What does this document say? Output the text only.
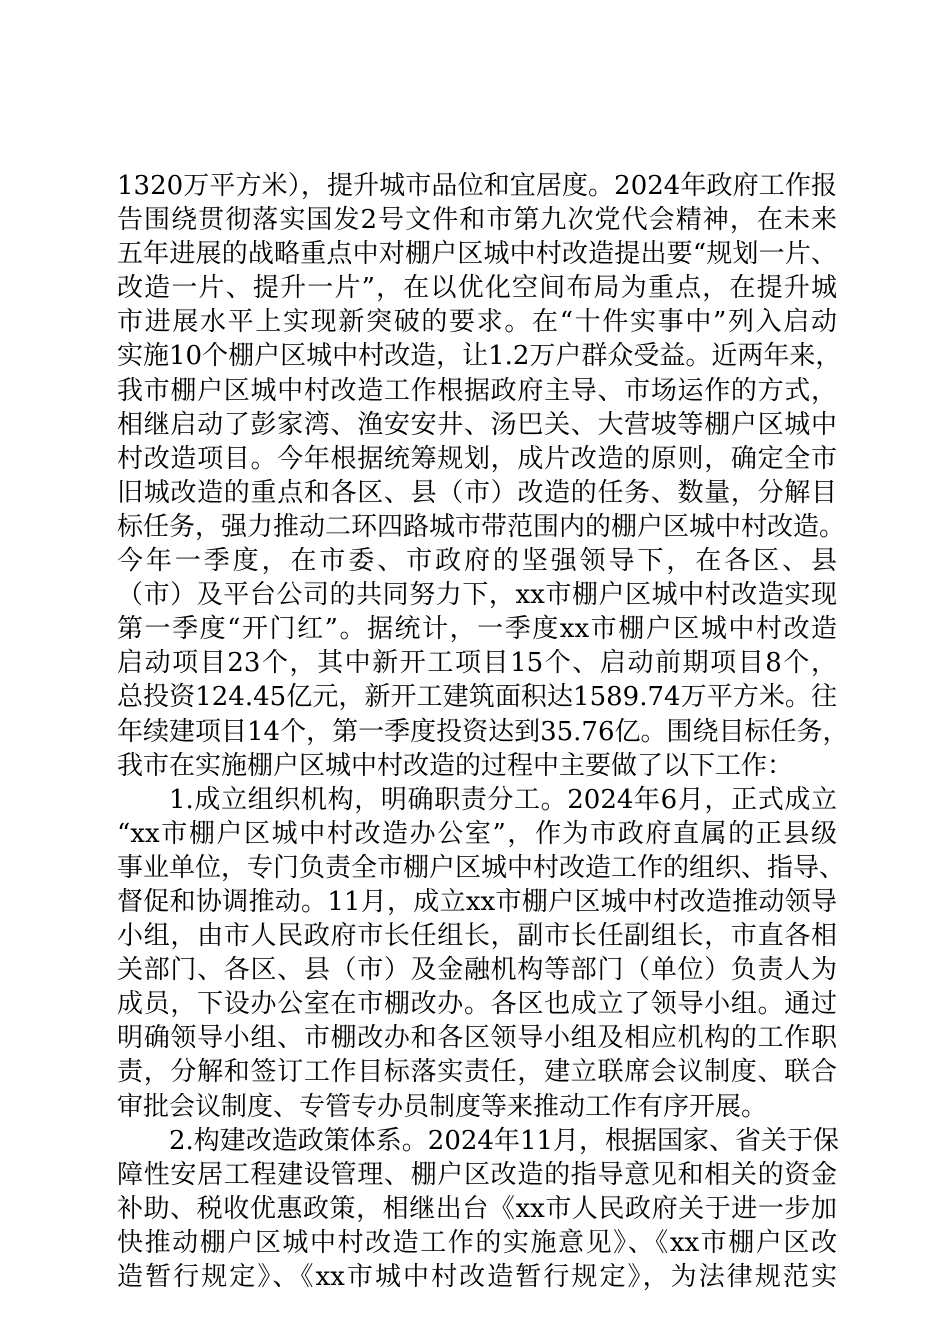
1320万平方米），提升城市品位和宜居度。2024年政府工作报
告围绕贯彻落实国发2号文件和市第九次党代会精神，在未来
五年进展的战略重点中对棚户区城中村改造提出要“规划一片、
改造一片、提升一片”，在以优化空间布局为重点，在提升城
市进展水平上实现新突破的要求。在“十件实事中”列入启动
实施10个棚户区城中村改造，让1.2万户群众受益。近两年来，
我市棚户区城中村改造工作根据政府主导、市场运作的方式，
相继启动了彭家湾、渔安安井、汤巴关、大营坡等棚户区城中
村改造项目。今年根据统筹规划，成片改造的原则，确定全市
旧城改造的重点和各区、县（市）改造的任务、数量，分解目
标任务，强力推动二环四路城市带范围内的棚户区城中村改造。
今年一季度，在市委、市政府的坚强领导下，在各区、县
（市）及平台公司的共同努力下，xx市棚户区城中村改造实现
第一季度“开门红”。据统计，一季度xx市棚户区城中村改造
启动项目23个，其中新开工项目15个、启动前期项目8个，
总投资124.45亿元，新开工建筑面积达1589.74万平方米。往
年续建项目14个，第一季度投资达到35.76亿。围绕目标任务，
我市在实施棚户区城中村改造的过程中主要做了以下工作：
1.成立组织机构，明确职责分工。2024年6月，正式成立
“xx市棚户区城中村改造办公室”，作为市政府直属的正县级
事业单位，专门负责全市棚户区城中村改造工作的组织、指导、
督促和协调推动。11月，成立xx市棚户区城中村改造推动领导
小组，由市人民政府市长任组长，副市长任副组长，市直各相
关部门、各区、县（市）及金融机构等部门（单位）负责人为
成员，下设办公室在市棚改办。各区也成立了领导小组。通过
明确领导小组、市棚改办和各区领导小组及相应机构的工作职
责，分解和签订工作目标落实责任，建立联席会议制度、联合
审批会议制度、专管专办员制度等来推动工作有序开展。
2.构建改造政策体系。2024年11月，根据国家、省关于保
障性安居工程建设管理、棚户区改造的指导意见和相关的资金
补助、税收优惠政策，相继出台《xx市人民政府关于进一步加
快推动棚户区城中村改造工作的实施意见》、《xx市棚户区改
造暂行规定》、《xx市城中村改造暂行规定》，为法律规范实
